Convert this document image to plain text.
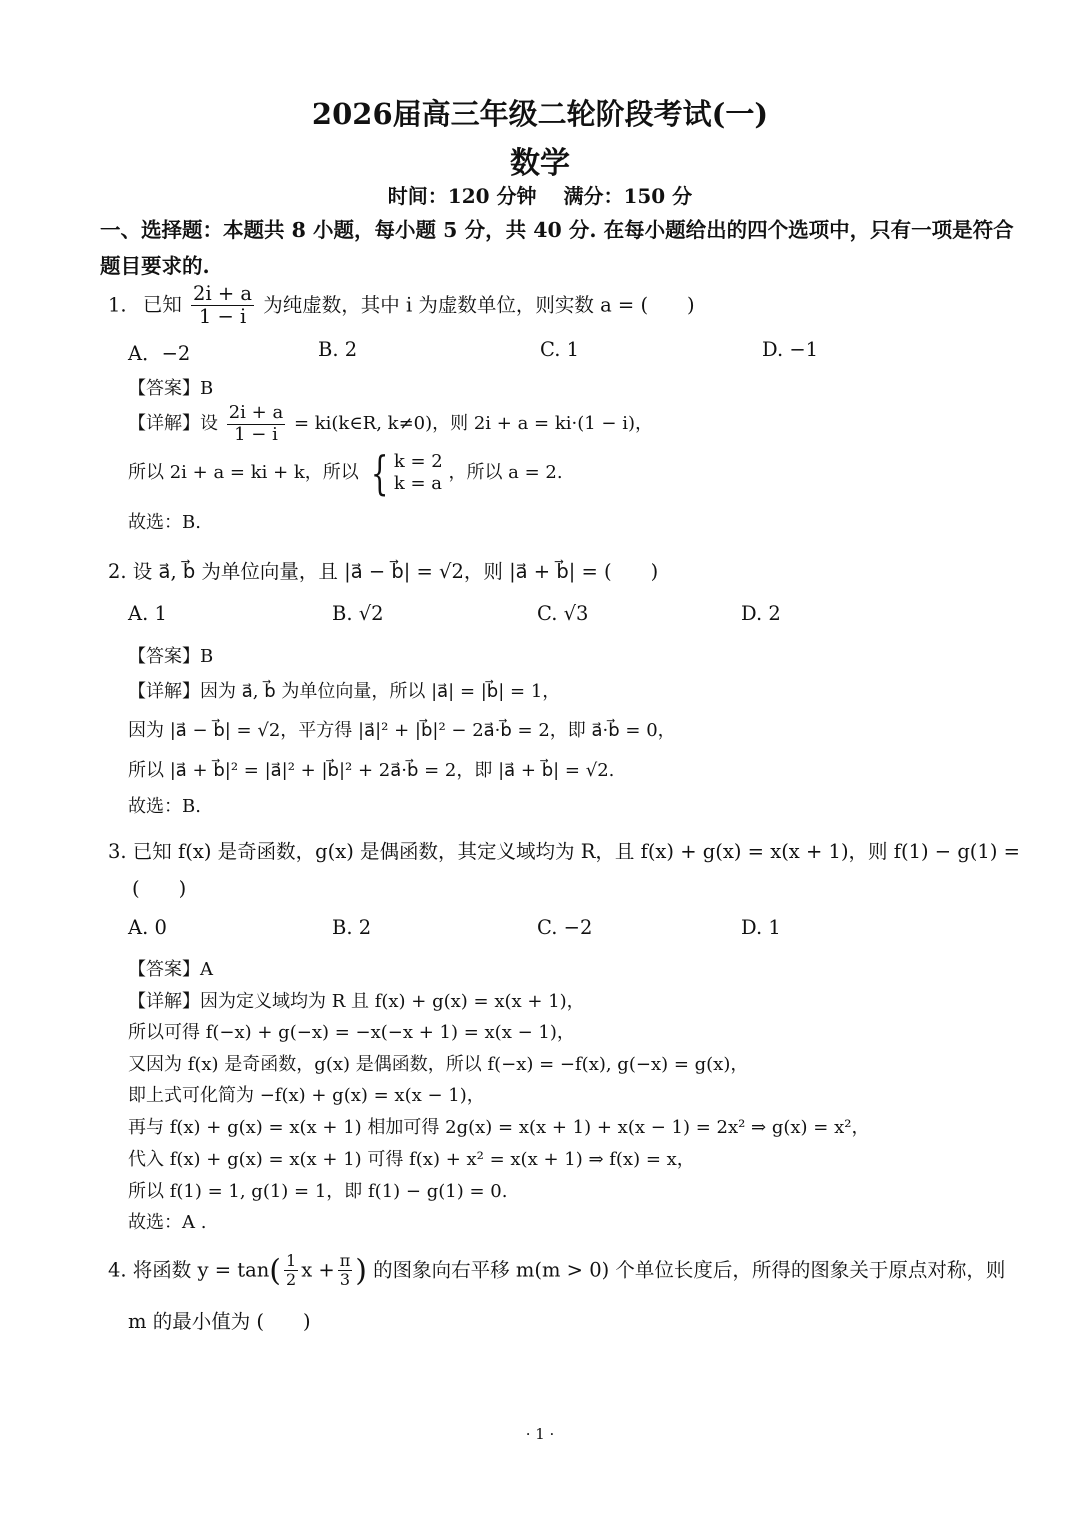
2026届高三年级二轮阶段考试(一)
数学
时间：120 分钟　 满分：150 分
一、选择题：本题共 8 小题，每小题 5 分，共 40 分. 在每小题给出的四个选项中，只有一项是符合
题目要求的.
1. 已知 $\frac{2i + a}{1 - i}$ 为纯虚数，其中 i 为虚数单位，则实数 a = (　　)
A．−2	B. 2	C. 1	D. −1
【答案】B
【详解】设 $\frac{2i + a}{1 - i}$ = ki(k∈R, k≠0)，则 2i + a = ki·(1 − i)，
所以 2i + a = ki + k，所以 { k = 2
k = a
，所以 a = 2.
故选：B.
2. 设 a⃗, b⃗ 为单位向量，且 |a⃗ − b⃗| = √2，则 |a⃗ + b⃗| = (　　)
A. 1	B. √2	C. √3	D. 2
【答案】B
【详解】因为 a⃗, b⃗ 为单位向量，所以 |a⃗| = |b⃗| = 1，
因为 |a⃗ − b⃗| = √2，平方得 |a⃗|² + |b⃗|² − 2a⃗·b⃗ = 2，即 a⃗·b⃗ = 0，
所以 |a⃗ + b⃗|² = |a⃗|² + |b⃗|² + 2a⃗·b⃗ = 2，即 |a⃗ + b⃗| = √2.
故选：B.
3. 已知 f(x) 是奇函数，g(x) 是偶函数，其定义域均为 R，且 f(x) + g(x) = x(x + 1)，则 f(1) − g(1) =
(　　)
A. 0	B. 2	C. −2	D. 1
【答案】A
【详解】因为定义域均为 R 且 f(x) + g(x) = x(x + 1)，
所以可得 f(−x) + g(−x) = −x(−x + 1) = x(x − 1)，
又因为 f(x) 是奇函数，g(x) 是偶函数，所以 f(−x) = −f(x), g(−x) = g(x)，
即上式可化简为 −f(x) + g(x) = x(x − 1)，
再与 f(x) + g(x) = x(x + 1) 相加可得 2g(x) = x(x + 1) + x(x − 1) = 2x² ⇒ g(x) = x²，
代入 f(x) + g(x) = x(x + 1) 可得 f(x) + x² = x(x + 1) ⇒ f(x) = x，
所以 f(1) = 1, g(1) = 1，即 f(1) − g(1) = 0.
故选：A .
4. 将函数 $y = \tan( \frac{1}{2}$ $x + \frac{\pi}{3}$ ) 的图象向右平移 m(m > 0) 个单位长度后，所得的图象关于原点对称，则
m 的最小值为 (　　)
· 1 ·
